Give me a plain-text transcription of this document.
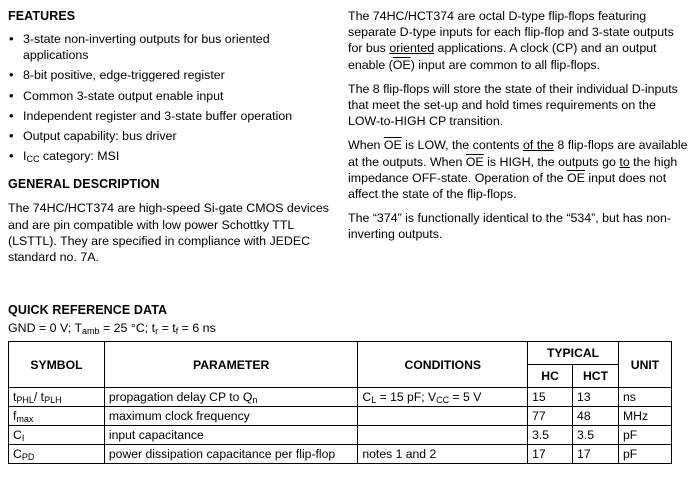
FEATURES
• 3-state non-inverting outputs for bus oriented applications
• 8-bit positive, edge-triggered register
• Common 3-state output enable input
• Independent register and 3-state buffer operation
• Output capability: bus driver
• $I_{CC}$ category: MSI
GENERAL DESCRIPTION

The 74HC/HCT374 are high-speed Si-gate CMOS devices and are pin compatible with low power Schottky TTL (LSTTL). They are specified in compliance with JEDEC standard no. 7A.

The 74HC/HCT374 are octal D-type flip-flops featuring separate D-type inputs for each flip-flop and 3-state outputs for bus oriented applications. A clock (CP) and an output enable $(\overline{OE})$ input are common to all flip-flops.

The 8 flip-flops will store the state of their individual D-inputs that meet the set-up and hold times requirements on the LOW-to-HIGH CP transition.

When $\overline{OE}$ is LOW, the contents of the 8 flip-flops are available at the outputs. When $\overline{OE}$ is HIGH, the outputs go to the high impedance OFF-state. Operation of the $\overline{OE}$ input does not affect the state of the flip-flops.

The “374” is functionally identical to the “534”, but has non-inverting outputs.

QUICK REFERENCE DATA
GND = 0 V; $T_{amb} = 25$ °C; $t_r = t_f = 6$ ns
SYMBOL	PARAMETER	CONDITIONS	TYPICAL		UNIT
			HC	HCT	
$t_{PHL}/$ $t_{PLH}$	propagation delay CP to $Q_n$	$C_L = 15$ pF; $V_{CC} = 5$ V	15	13	ns
$f_{max}$	maximum clock frequency		77	48	MHz
$C_I$	input capacitance		3.5	3.5	pF
$C_{PD}$	power dissipation capacitance per flip-flop	notes 1 and 2	17	17	pF
